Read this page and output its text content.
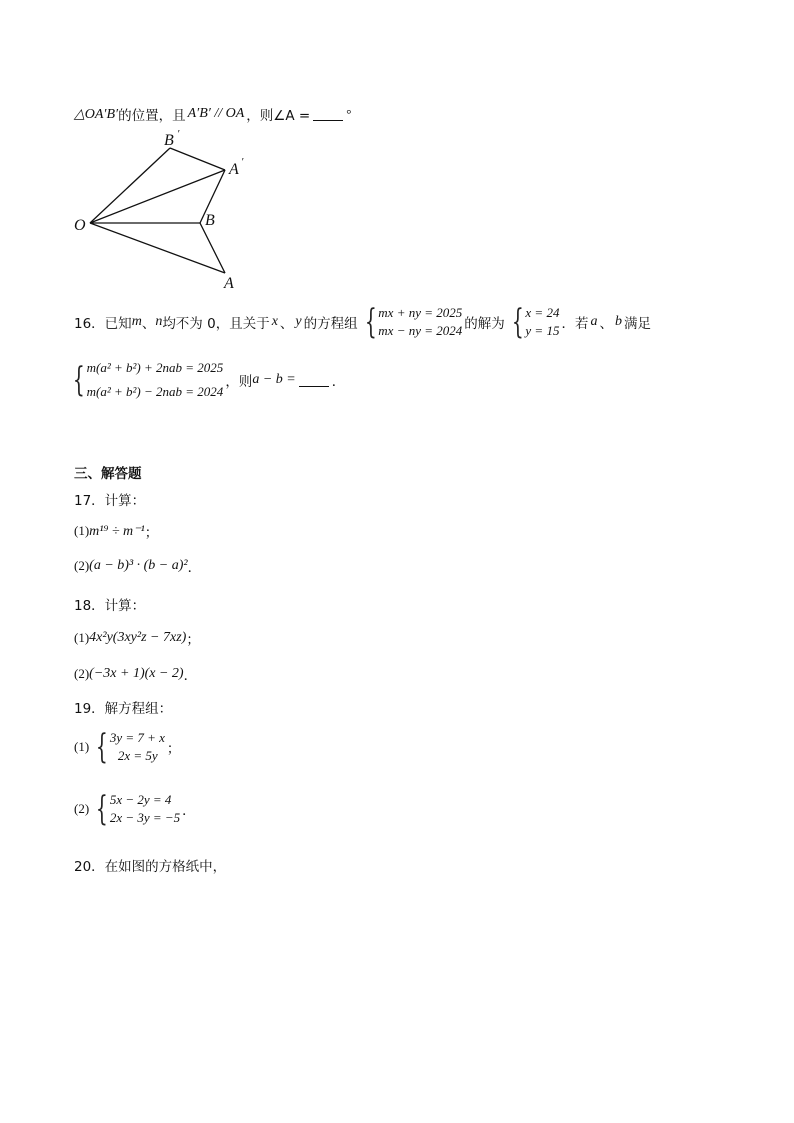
△OA′B′ 的位置，且 A′B′ // OA ，则∠A =	°
O
B ′
A ′
B
A
16．已知 m 、 n 均不为 0，且关于 x 、 y 的方程组 { mx + ny = 2025
mx − ny = 2024 的解为 { x = 24
y = 15 ．若 a 、 b 满足
{ m(a² + b²) + 2nab = 2025
m(a² + b²) − 2nab = 2024
，则 a − b =	．
三、解答题
17．计算：
(1) m¹⁹ ÷ m⁻¹ ；
(2) (a − b)³ · (b − a)² ．
18．计算：
(1) 4x²y(3xy²z − 7xz) ；
(2) (−3x + 1)(x − 2) ．
19．解方程组：
(1) { 3y = 7 + x
2x = 5y ；
(2) { 5x − 2y = 4
2x − 3y = −5 ．
20．在如图的方格纸中，
